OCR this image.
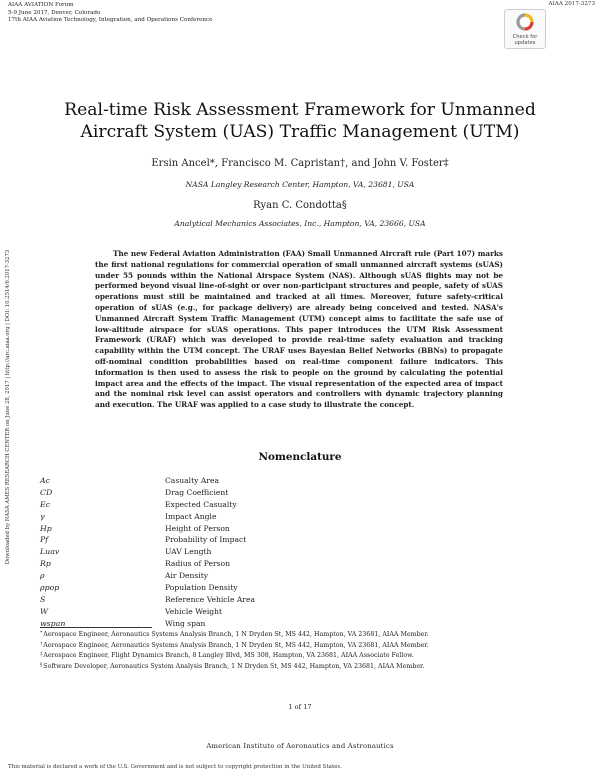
AIAA AVIATION Forum
5-9 June 2017, Denver, Colorado
17th AIAA Aviation Technology, Integration, and Operations Conference
AIAA 2017-3273
Check for
updates
Downloaded by NASA AMES RESEARCH CENTER on June 28, 2017 | http://arc.aiaa.org | DOI: 10.2514/6.2017-3273
Real-time Risk Assessment Framework for Unmanned
Aircraft System (UAS) Traffic Management (UTM)
Ersin Ancel*, Francisco M. Capristan†, and John V. Foster‡
NASA Langley Research Center, Hampton, VA, 23681, USA
Ryan C. Condotta§
Analytical Mechanics Associates, Inc., Hampton, VA, 23666, USA

The new Federal Aviation Administration (FAA) Small Unmanned Aircraft rule (Part 107) marks the first national regulations for commercial operation of small unmanned aircraft systems (sUAS) under 55 pounds within the National Airspace System (NAS). Although sUAS flights may not be performed beyond visual line-of-sight or over non-participant structures and people, safety of sUAS operations must still be maintained and tracked at all times. Moreover, future safety-critical operation of sUAS (e.g., for package delivery) are already being conceived and tested. NASA's Unmanned Aircraft System Traffic Management (UTM) concept aims to facilitate the safe use of low-altitude airspace for sUAS operations. This paper introduces the UTM Risk Assessment Framework (URAF) which was developed to provide real-time safety evaluation and tracking capability within the UTM concept. The URAF uses Bayesian Belief Networks (BBNs) to propagate off-nominal condition probabilities based on real-time component failure indicators. This information is then used to assess the risk to people on the ground by calculating the potential impact area and the effects of the impact. The visual representation of the expected area of impact and the nominal risk level can assist operators and controllers with dynamic trajectory planning and execution. The URAF was applied to a case study to illustrate the concept.

Nomenclature
Ac	Casualty Area
CD	Drag Coefficient
Ec	Expected Casualty
γ	Impact Angle
Hp	Height of Person
Pf	Probability of Impact
Luav	UAV Length
Rp	Radius of Person
ρ	Air Density
ρpop	Population Density
S	Reference Vehicle Area
W	Vehicle Weight
wspan	Wing span
*Aerospace Engineer, Aeronautics Systems Analysis Branch, 1 N Dryden St, MS 442, Hampton, VA 23681, AIAA Member.
†Aerospace Engineer, Aeronautics Systems Analysis Branch, 1 N Dryden St, MS 442, Hampton, VA 23681, AIAA Member.
‡Aerospace Engineer, Flight Dynamics Branch, 8 Langley Blvd, MS 308, Hampton, VA 23681, AIAA Associate Fellow.
§Software Developer, Aeronautics System Analysis Branch, 1 N Dryden St, MS 442, Hampton, VA 23681, AIAA Member.
1 of 17
American Institute of Aeronautics and Astronautics
This material is declared a work of the U.S. Government and is not subject to copyright protection in the United States.
